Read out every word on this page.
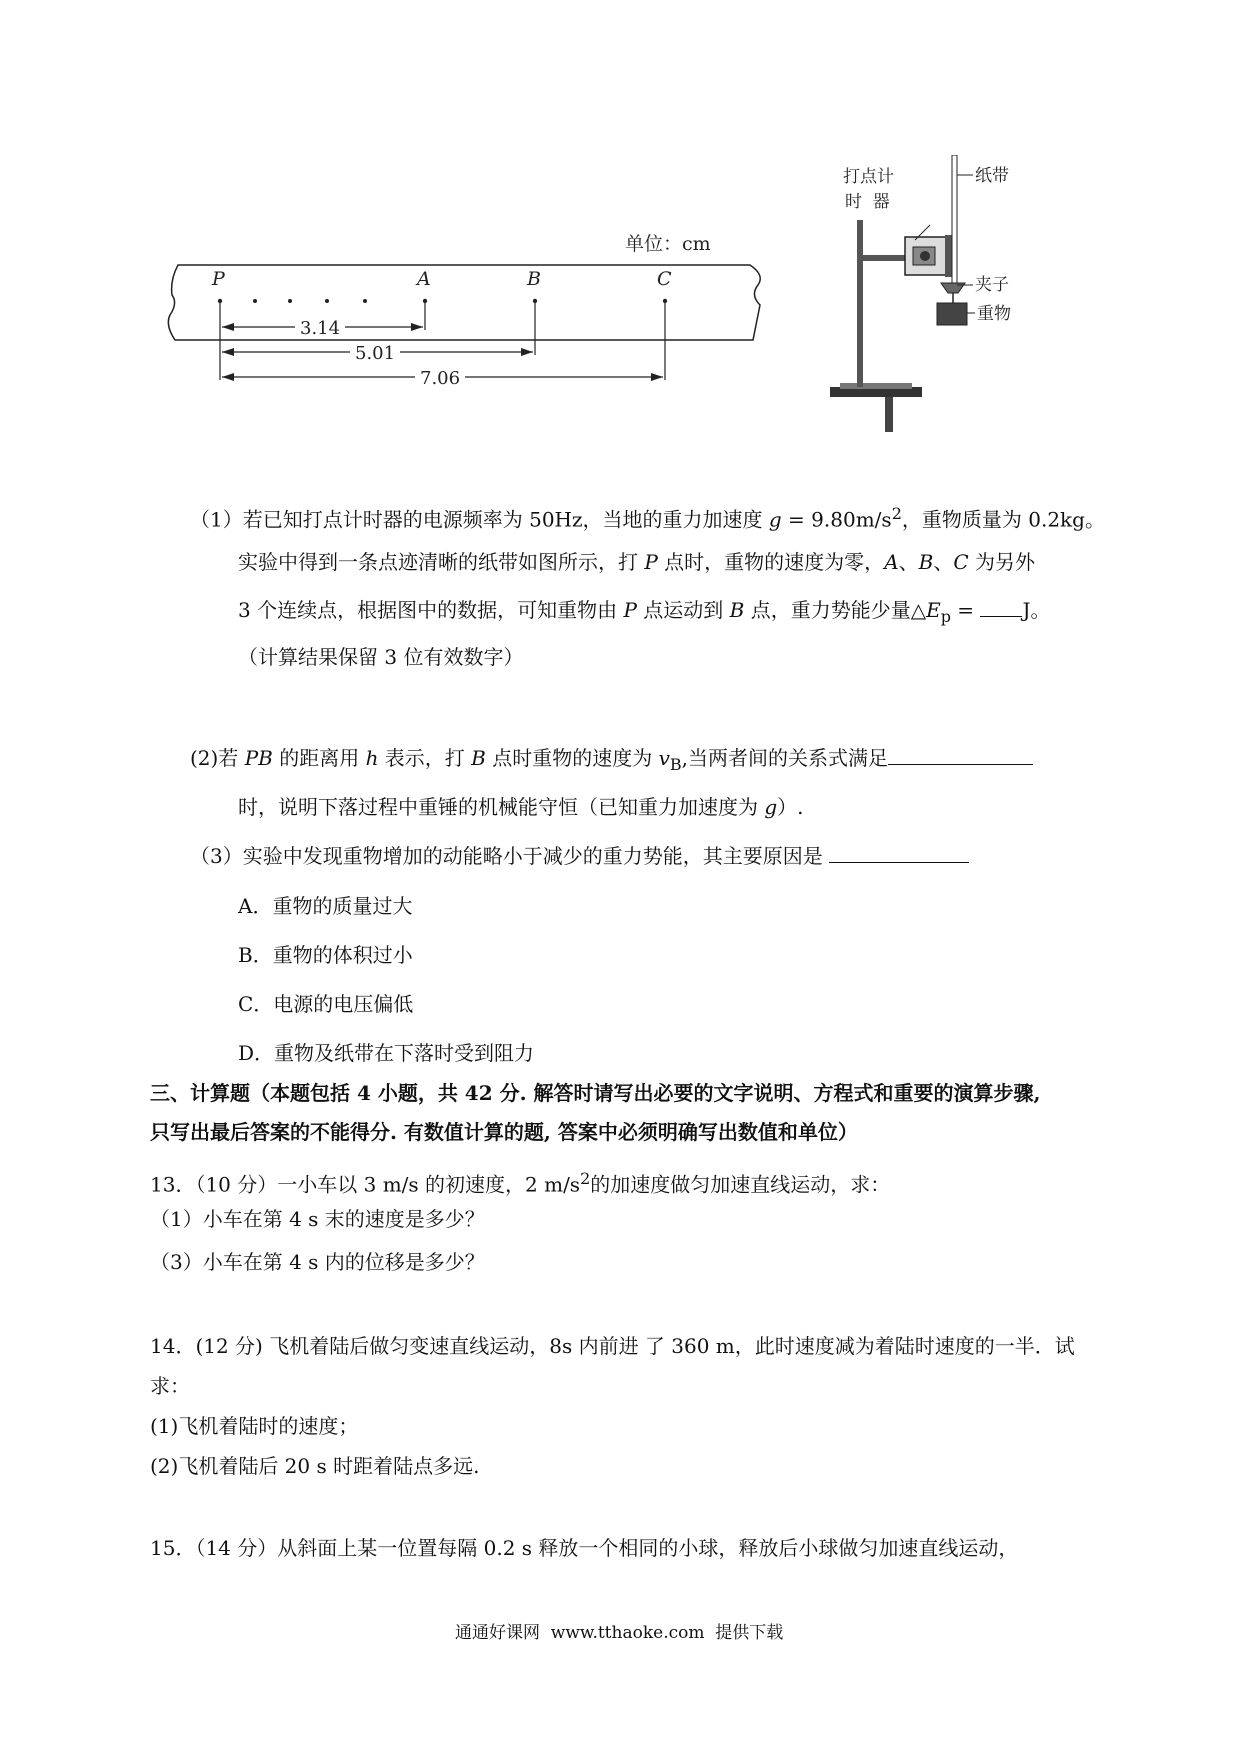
P	A	B	C
单位：cm
3.14
5.01
7.06
打点计
时  器
纸带
夹子
重物
（1）若已知打点计时器的电源频率为 50Hz，当地的重力加速度 $g = 9.80m/s^2$，重物质量为 0.2kg。
实验中得到一条点迹清晰的纸带如图所示，打 P 点时，重物的速度为零，A、B、C 为另外
3 个连续点，根据图中的数据，可知重物由 P 点运动到 B 点，重力势能少量$\triangle E_p = J$。
（计算结果保留 3 位有效数字）
(2)若 PB 的距离用 h 表示，打 B 点时重物的速度为 $v_B$,当两者间的关系式满足
时，说明下落过程中重锤的机械能守恒（已知重力加速度为 g）.
（3）实验中发现重物增加的动能略小于减少的重力势能，其主要原因是
A．重物的质量过大
B．重物的体积过小
C．电源的电压偏低
D．重物及纸带在下落时受到阻力
三、计算题（本题包括 4 小题，共 42 分. 解答时请写出必要的文字说明、方程式和重要的演算步骤,
只写出最后答案的不能得分. 有数值计算的题, 答案中必须明确写出数值和单位）
13．（10 分）一小车以 3 m/s 的初速度，2 $m/s^2$的加速度做匀加速直线运动，求：
（1）小车在第 4 s 末的速度是多少？
（3）小车在第 4 s 内的位移是多少？
14．(12 分) 飞机着陆后做匀变速直线运动，8s 内前进 了 360 m，此时速度减为着陆时速度的一半．试
求：
(1)飞机着陆时的速度；
(2)飞机着陆后 20 s 时距着陆点多远.
15．（14 分）从斜面上某一位置每隔 0.2 s 释放一个相同的小球，释放后小球做匀加速直线运动，
通通好课网  www.tthaoke.com  提供下载
